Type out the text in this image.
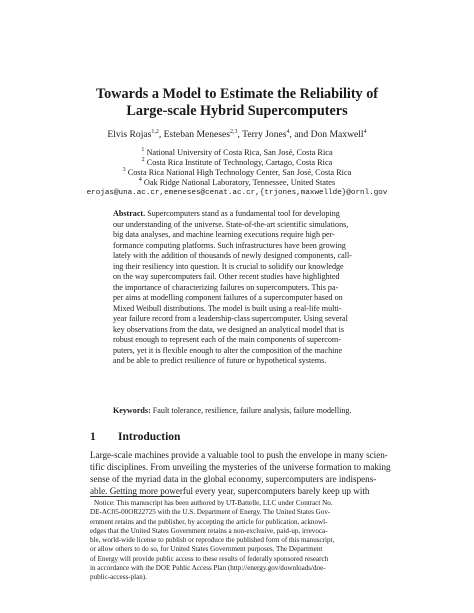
Towards a Model to Estimate the Reliability of
Large-scale Hybrid Supercomputers
Elvis Rojas$^{1,2}$, Esteban Meneses$^{2,3}$, Terry Jones$^4$, and Don Maxwell$^4$
$^1$ National University of Costa Rica, San José, Costa Rica
$^2$ Costa Rica Institute of Technology, Cartago, Costa Rica
$^3$ Costa Rica National High Technology Center, San José, Costa Rica
$^4$ Oak Ridge National Laboratory, Tennessee, United States
erojas@una.ac.cr,emeneses@cenat.ac.cr,{trjones,maxwellde}@ornl.gov
Abstract. Supercomputers stand as a fundamental tool for developing
our understanding of the universe. State-of-the-art scientific simulations,
big data analyses, and machine learning executions require high per-
formance computing platforms. Such infrastructures have been growing
lately with the addition of thousands of newly designed components, call-
ing their resiliency into question. It is crucial to solidify our knowledge
on the way supercomputers fail. Other recent studies have highlighted
the importance of characterizing failures on supercomputers. This pa-
per aims at modelling component failures of a supercomputer based on
Mixed Weibull distributions. The model is built using a real-life multi-
year failure record from a leadership-class supercomputer. Using several
key observations from the data, we designed an analytical model that is
robust enough to represent each of the main components of supercom-
puters, yet it is flexible enough to alter the composition of the machine
and be able to predict resilience of future or hypothetical systems.
Keywords: Fault tolerance, resilience, failure analysis, failure modelling.
1 Introduction
Large-scale machines provide a valuable tool to push the envelope in many scien-
tific disciplines. From unveiling the mysteries of the universe formation to making
sense of the myriad data in the global economy, supercomputers are indispens-
able. Getting more powerful every year, supercomputers barely keep up with
Notice: This manuscript has been authored by UT-Battelle, LLC under Contract No.
DE-AC05-00OR22725 with the U.S. Department of Energy. The United States Gov-
ernment retains and the publisher, by accepting the article for publication, acknowl-
edges that the United States Government retains a non-exclusive, paid-up, irrevoca-
ble, world-wide license to publish or reproduce the published form of this manuscript,
or allow others to do so, for United States Government purposes. The Department
of Energy will provide public access to these results of federally sponsored research
in accordance with the DOE Public Access Plan (http://energy.gov/downloads/doe-
public-access-plan).
